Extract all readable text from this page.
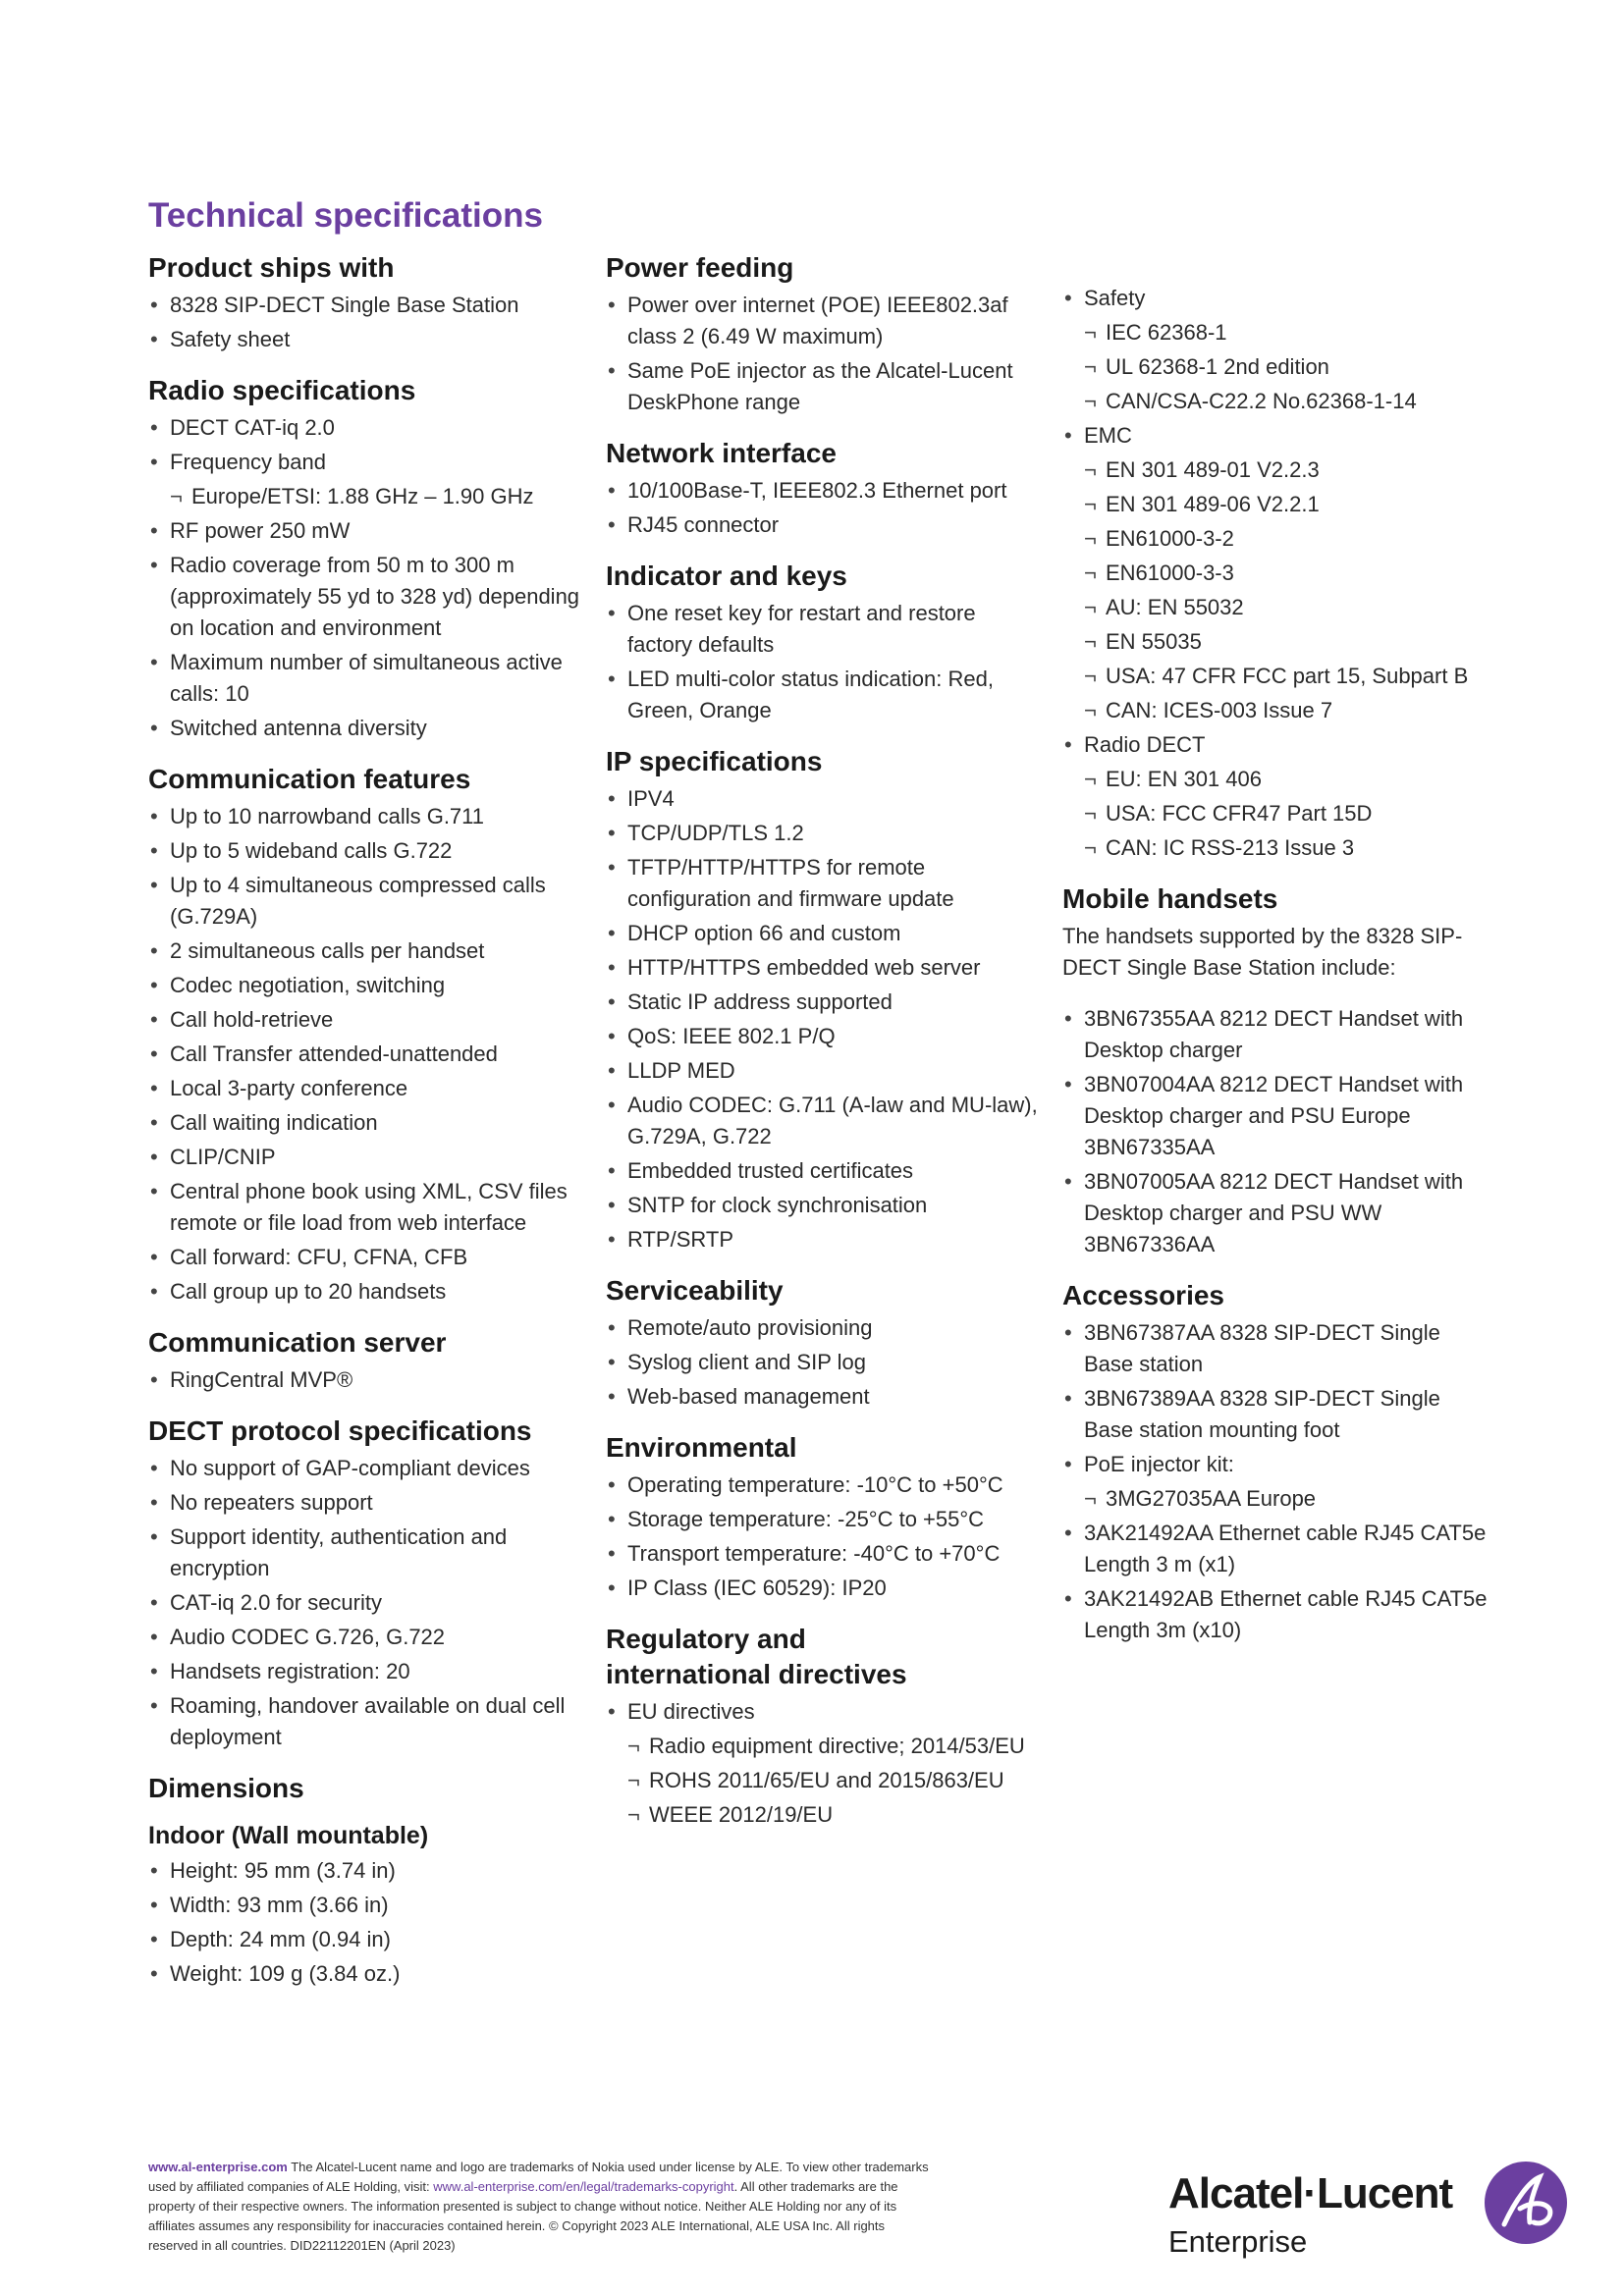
Technical specifications
Product ships with
• 8328 SIP-DECT Single Base Station
• Safety sheet
Radio specifications
• DECT CAT-iq 2.0
• Frequency band
¬ Europe/ETSI: 1.88 GHz – 1.90 GHz
• RF power 250 mW
• Radio coverage from 50 m to 300 m (approximately 55 yd to 328 yd) depending on location and environment
• Maximum number of simultaneous active calls: 10
• Switched antenna diversity
Communication features
• Up to 10 narrowband calls G.711
• Up to 5 wideband calls G.722
• Up to 4 simultaneous compressed calls (G.729A)
• 2 simultaneous calls per handset
• Codec negotiation, switching
• Call hold-retrieve
• Call Transfer attended-unattended
• Local 3-party conference
• Call waiting indication
• CLIP/CNIP
• Central phone book using XML, CSV files remote or file load from web interface
• Call forward: CFU, CFNA, CFB
• Call group up to 20 handsets
Communication server
• RingCentral MVP®
DECT protocol specifications
• No support of GAP-compliant devices
• No repeaters support
• Support identity, authentication and encryption
• CAT-iq 2.0 for security
• Audio CODEC G.726, G.722
• Handsets registration: 20
• Roaming, handover available on dual cell deployment
Dimensions
Indoor (Wall mountable)
• Height: 95 mm (3.74 in)
• Width: 93 mm (3.66 in)
• Depth: 24 mm (0.94 in)
• Weight: 109 g (3.84 oz.)
Power feeding
• Power over internet (POE) IEEE802.3af class 2 (6.49 W maximum)
• Same PoE injector as the Alcatel-Lucent DeskPhone range
Network interface
• 10/100Base-T, IEEE802.3 Ethernet port
• RJ45 connector
Indicator and keys
• One reset key for restart and restore factory defaults
• LED multi-color status indication: Red, Green, Orange
IP specifications
• IPV4
• TCP/UDP/TLS 1.2
• TFTP/HTTP/HTTPS for remote configuration and firmware update
• DHCP option 66 and custom
• HTTP/HTTPS embedded web server
• Static IP address supported
• QoS: IEEE 802.1 P/Q
• LLDP MED
• Audio CODEC: G.711 (A-law and MU-law), G.729A, G.722
• Embedded trusted certificates
• SNTP for clock synchronisation
• RTP/SRTP
Serviceability
• Remote/auto provisioning
• Syslog client and SIP log
• Web-based management
Environmental
• Operating temperature: -10°C to +50°C
• Storage temperature: -25°C to +55°C
• Transport temperature: -40°C to +70°C
• IP Class (IEC 60529): IP20
Regulatory and
international directives
• EU directives
¬ Radio equipment directive; 2014/53/EU
¬ ROHS 2011/65/EU and 2015/863/EU
¬ WEEE 2012/19/EU
• Safety
¬ IEC 62368-1
¬ UL 62368-1 2nd edition
¬ CAN/CSA-C22.2 No.62368-1-14
• EMC
¬ EN 301 489-01 V2.2.3
¬ EN 301 489-06 V2.2.1
¬ EN61000-3-2
¬ EN61000-3-3
¬ AU: EN 55032
¬ EN 55035
¬ USA: 47 CFR FCC part 15, Subpart B
¬ CAN: ICES-003 Issue 7
• Radio DECT
¬ EU: EN 301 406
¬ USA: FCC CFR47 Part 15D
¬ CAN: IC RSS-213 Issue 3
Mobile handsets

The handsets supported by the 8328 SIP-DECT Single Base Station include:

• 3BN67355AA 8212 DECT Handset with Desktop charger
• 3BN07004AA 8212 DECT Handset with Desktop charger and PSU Europe 3BN67335AA
• 3BN07005AA 8212 DECT Handset with Desktop charger and PSU WW 3BN67336AA
Accessories
• 3BN67387AA 8328 SIP-DECT Single Base station
• 3BN67389AA 8328 SIP-DECT Single Base station mounting foot
• PoE injector kit:
¬ 3MG27035AA Europe
• 3AK21492AA Ethernet cable RJ45 CAT5e Length 3 m (x1)
• 3AK21492AB Ethernet cable RJ45 CAT5e Length 3m (x10)
www.al-enterprise.com The Alcatel-Lucent name and logo are trademarks of Nokia used under license by ALE. To view other trademarks used by affiliated companies of ALE Holding, visit: www.al-enterprise.com/en/legal/trademarks-copyright. All other trademarks are the property of their respective owners. The information presented is subject to change without notice. Neither ALE Holding nor any of its affiliates assumes any responsibility for inaccuracies contained herein. © Copyright 2023 ALE International, ALE USA Inc. All rights reserved in all countries. DID22112201EN (April 2023)
Alcatel·Lucent
Enterprise
